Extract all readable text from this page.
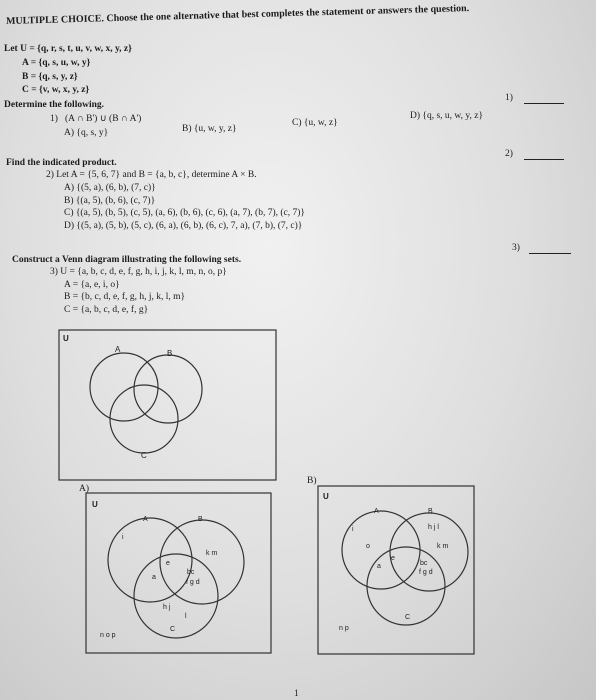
MULTIPLE CHOICE. Choose the one alternative that best completes the statement or answers the question.
Let U = {q, r, s, t, u, v, w, x, y, z}
A = {q, s, u, w, y}
B = {q, s, y, z}
C = {v, w, x, y, z}
Determine the following.
1) (A ∩ B') ∪ (B ∩ A')
A) {q, s, y}	B) {u, w, y, z}
C) {u, w, z}
D) {q, s, u, w, y, z}
1)
Find the indicated product.
2) Let A = {5, 6, 7} and B = {a, b, c}, determine A × B.
A) {(5, a), (6, b), (7, c)}
B) {(a, 5), (b, 6), (c, 7)}
C) {(a, 5), (b, 5), (c, 5), (a, 6), (b, 6), (c, 6), (a, 7), (b, 7), (c, 7)}
D) {(5, a), (5, b), (5, c), (6, a), (6, b), (6, c), 7, a), (7, b), (7, c)}
2)
Construct a Venn diagram illustrating the following sets.
3) U = {a, b, c, d, e, f, g, h, i, j, k, l, m, n, o, p}
A = {a, e, i, o}
B = {b, c, d, e, f, g, h, j, k, l, m}
C = {a, b, c, d, e, f, g}
3)
U
A	B
C
A)
U
A	B
C
i
k m
a
e
bc
f g d
h j
l
n o p
B)
U
A	B
C
i
o
h j l
k m
a
e
bc
f g d
n p
1
